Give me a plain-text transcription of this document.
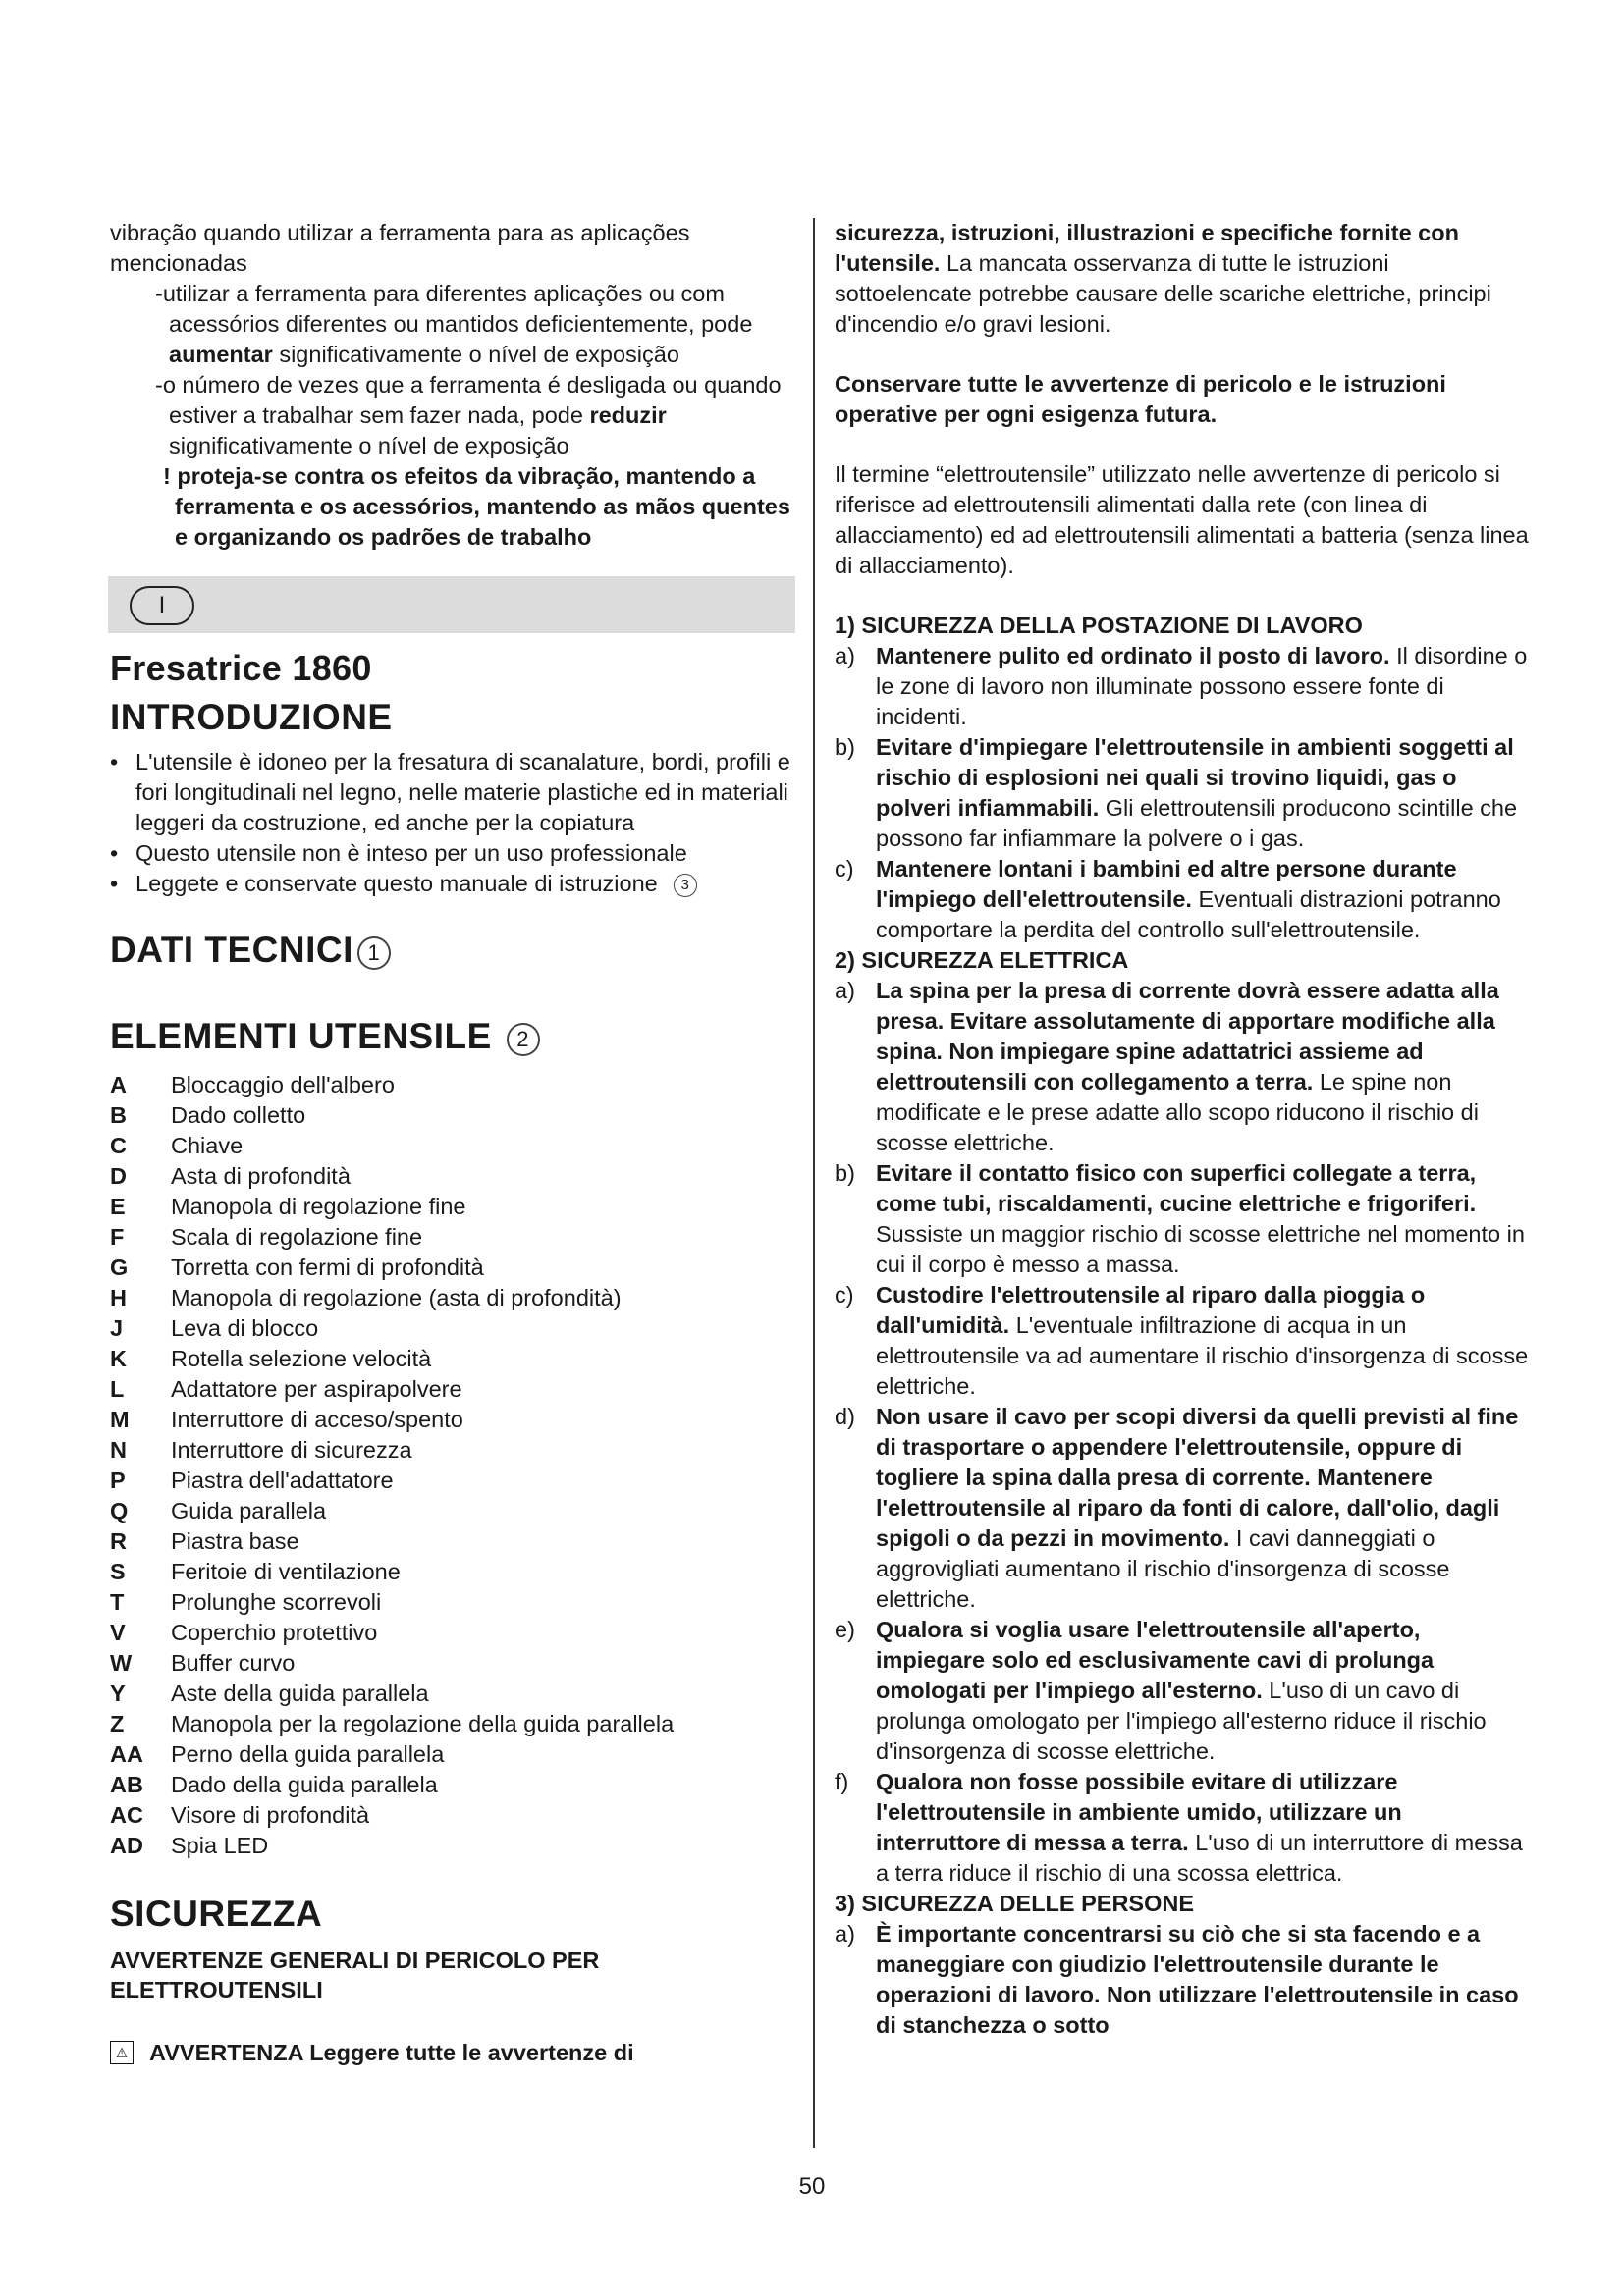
vibração quando utilizar a ferramenta para as aplicações mencionadas

-utilizar a ferramenta para diferentes aplicações ou com acessórios diferentes ou mantidos deficientemente, pode aumentar significativamente o nível de exposição

-o número de vezes que a ferramenta é desligada ou quando estiver a trabalhar sem fazer nada, pode reduzir significativamente o nível de exposição

! proteja-se contra os efeitos da vibração, mantendo a ferramenta e os acessórios, mantendo as mãos quentes e organizando os padrões de trabalho

I
Fresatrice 1860
INTRODUZIONE

• L'utensile è idoneo per la fresatura di scanalature, bordi, profili e fori longitudinali nel legno, nelle materie plastiche ed in materiali leggeri da costruzione, ed anche per la copiatura

• Questo utensile non è inteso per un uso professionale

• Leggete e conservate questo manuale di istruzione 3

DATI TECNICI 1
ELEMENTI UTENSILE 2
A	Bloccaggio dell'albero
B	Dado colletto
C	Chiave
D	Asta di profondità
E	Manopola di regolazione fine
F	Scala di regolazione fine
G	Torretta con fermi di profondità
H	Manopola di regolazione (asta di profondità)
J	Leva di blocco
K	Rotella selezione velocità
L	Adattatore per aspirapolvere
M	Interruttore di acceso/spento
N	Interruttore di sicurezza
P	Piastra dell'adattatore
Q	Guida parallela
R	Piastra base
S	Feritoie di ventilazione
T	Prolunghe scorrevoli
V	Coperchio protettivo
W	Buffer curvo
Y	Aste della guida parallela
Z	Manopola per la regolazione della guida parallela
AA	Perno della guida parallela
AB	Dado della guida parallela
AC	Visore di profondità
AD	Spia LED
SICUREZZA
AVVERTENZE GENERALI DI PERICOLO PER ELETTROUTENSILI
⚠ AVVERTENZA Leggere tutte le avvertenze di

sicurezza, istruzioni, illustrazioni e specifiche fornite con l'utensile. La mancata osservanza di tutte le istruzioni sottoelencate potrebbe causare delle scariche elettriche, principi d'incendio e/o gravi lesioni.

Conservare tutte le avvertenze di pericolo e le istruzioni operative per ogni esigenza futura.

Il termine “elettroutensile” utilizzato nelle avvertenze di pericolo si riferisce ad elettroutensili alimentati dalla rete (con linea di allacciamento) ed ad elettroutensili alimentati a batteria (senza linea di allacciamento).

1) SICUREZZA DELLA POSTAZIONE DI LAVORO
a) Mantenere pulito ed ordinato il posto di lavoro. Il disordine o le zone di lavoro non illuminate possono essere fonte di incidenti.
b) Evitare d'impiegare l'elettroutensile in ambienti soggetti al rischio di esplosioni nei quali si trovino liquidi, gas o polveri infiammabili. Gli elettroutensili producono scintille che possono far infiammare la polvere o i gas.
c) Mantenere lontani i bambini ed altre persone durante l'impiego dell'elettroutensile. Eventuali distrazioni potranno comportare la perdita del controllo sull'elettroutensile.
2) SICUREZZA ELETTRICA
a) La spina per la presa di corrente dovrà essere adatta alla presa. Evitare assolutamente di apportare modifiche alla spina. Non impiegare spine adattatrici assieme ad elettroutensili con collegamento a terra. Le spine non modificate e le prese adatte allo scopo riducono il rischio di scosse elettriche.
b) Evitare il contatto fisico con superfici collegate a terra, come tubi, riscaldamenti, cucine elettriche e frigoriferi. Sussiste un maggior rischio di scosse elettriche nel momento in cui il corpo è messo a massa.
c) Custodire l'elettroutensile al riparo dalla pioggia o dall'umidità. L'eventuale infiltrazione di acqua in un elettroutensile va ad aumentare il rischio d'insorgenza di scosse elettriche.
d) Non usare il cavo per scopi diversi da quelli previsti al fine di trasportare o appendere l'elettroutensile, oppure di togliere la spina dalla presa di corrente. Mantenere l'elettroutensile al riparo da fonti di calore, dall'olio, dagli spigoli o da pezzi in movimento. I cavi danneggiati o aggrovigliati aumentano il rischio d'insorgenza di scosse elettriche.
e) Qualora si voglia usare l'elettroutensile all'aperto, impiegare solo ed esclusivamente cavi di prolunga omologati per l'impiego all'esterno. L'uso di un cavo di prolunga omologato per l'impiego all'esterno riduce il rischio d'insorgenza di scosse elettriche.
f) Qualora non fosse possibile evitare di utilizzare l'elettroutensile in ambiente umido, utilizzare un interruttore di messa a terra. L'uso di un interruttore di messa a terra riduce il rischio di una scossa elettrica.
3) SICUREZZA DELLE PERSONE
a) È importante concentrarsi su ciò che si sta facendo e a maneggiare con giudizio l'elettroutensile durante le operazioni di lavoro. Non utilizzare l'elettroutensile in caso di stanchezza o sotto
50
